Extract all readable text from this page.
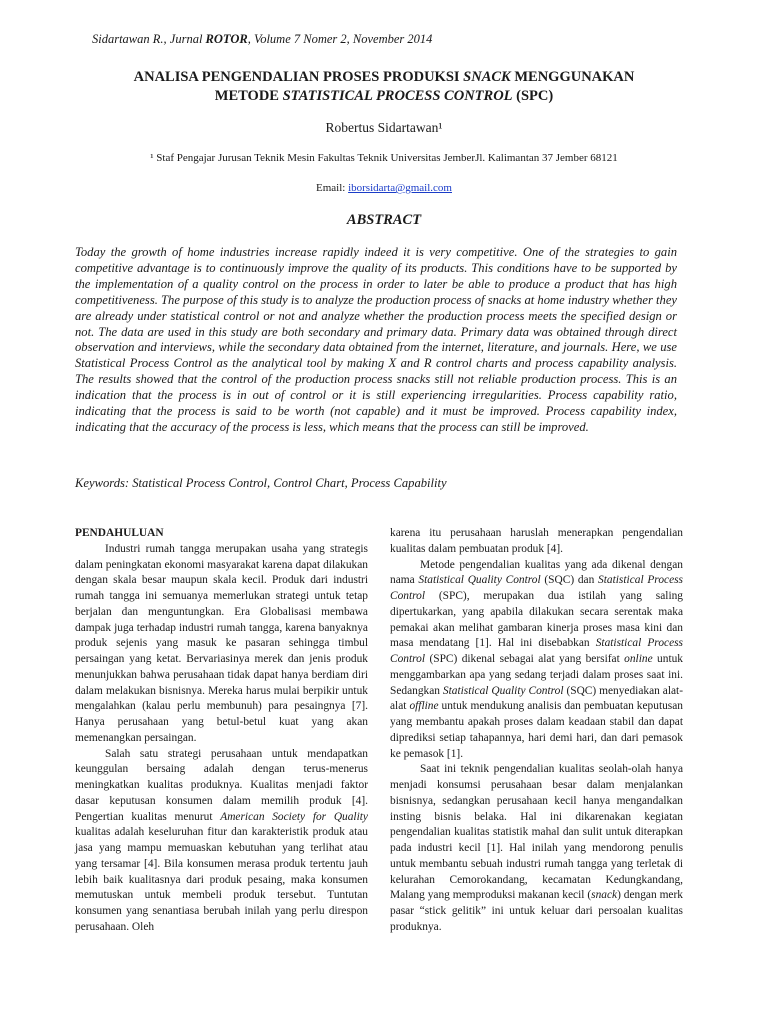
Sidartawan R., Jurnal ROTOR, Volume 7 Nomer 2, November 2014
ANALISA PENGENDALIAN PROSES PRODUKSI SNACK MENGGUNAKAN
METODE STATISTICAL PROCESS CONTROL (SPC)
Robertus Sidartawan¹
¹ Staf Pengajar Jurusan Teknik Mesin Fakultas Teknik Universitas JemberJl. Kalimantan 37 Jember 68121
Email: iborsidarta@gmail.com
ABSTRACT
Today the growth of home industries increase rapidly indeed it is very competitive. One of the strategies to gain competitive advantage is to continuously improve the quality of its products. This conditions have to be supported by the implementation of a quality control on the process in order to later be able to produce a product that has high competitiveness. The purpose of this study is to analyze the production process of snacks at home industry whether they are already under statistical control or not and analyze whether the production process meets the specified design or not. The data are used in this study are both secondary and primary data. Primary data was obtained through direct observation and interviews, while the secondary data obtained from the internet, literature, and journals. Here, we use Statistical Process Control as the analytical tool by making X and R control charts and process capability analysis. The results showed that the control of the production process snacks still not reliable production process. This is an indication that the process is in out of control or it is still experiencing irregularities. Process capability ratio, indicating that the process is said to be worth (not capable) and it must be improved. Process capability index, indicating that the accuracy of the process is less, which means that the process can still be improved.
Keywords: Statistical Process Control, Control Chart, Process Capability
PENDAHULUAN

Industri rumah tangga merupakan usaha yang strategis dalam peningkatan ekonomi masyarakat karena dapat dilakukan dengan skala besar maupun skala kecil. Produk dari industri rumah tangga ini semuanya memerlukan strategi untuk tetap berjalan dan menguntungkan. Era Globalisasi membawa dampak juga terhadap industri rumah tangga, karena banyaknya produk sejenis yang masuk ke pasaran sehingga timbul persaingan yang ketat. Bervariasinya merek dan jenis produk menunjukkan bahwa perusahaan tidak dapat hanya berdiam diri dalam melakukan bisnisnya. Mereka harus mulai berpikir untuk mengalahkan (kalau perlu membunuh) para pesaingnya [7]. Hanya perusahaan yang betul-betul kuat yang akan memenangkan persaingan.

Salah satu strategi perusahaan untuk mendapatkan keunggulan bersaing adalah dengan terus-menerus meningkatkan kualitas produknya. Kualitas menjadi faktor dasar keputusan konsumen dalam memilih produk [4]. Pengertian kualitas menurut American Society for Quality kualitas adalah keseluruhan fitur dan karakteristik produk atau jasa yang mampu memuaskan kebutuhan yang terlihat atau yang tersamar [4]. Bila konsumen merasa produk tertentu jauh lebih baik kualitasnya dari produk pesaing, maka konsumen memutuskan untuk membeli produk tersebut. Tuntutan konsumen yang senantiasa berubah inilah yang perlu direspon perusahaan. Oleh

karena itu perusahaan haruslah menerapkan pengendalian kualitas dalam pembuatan produk [4].

Metode pengendalian kualitas yang ada dikenal dengan nama Statistical Quality Control (SQC) dan Statistical Process Control (SPC), merupakan dua istilah yang saling dipertukarkan, yang apabila dilakukan secara serentak maka pemakai akan melihat gambaran kinerja proses masa kini dan masa mendatang [1]. Hal ini disebabkan Statistical Process Control (SPC) dikenal sebagai alat yang bersifat online untuk menggambarkan apa yang sedang terjadi dalam proses saat ini. Sedangkan Statistical Quality Control (SQC) menyediakan alat-alat offline untuk mendukung analisis dan pembuatan keputusan yang membantu apakah proses dalam keadaan stabil dan dapat diprediksi setiap tahapannya, hari demi hari, dan dari pemasok ke pemasok [1].

Saat ini teknik pengendalian kualitas seolah-olah hanya menjadi konsumsi perusahaan besar dalam menjalankan bisnisnya, sedangkan perusahaan kecil hanya mengandalkan insting bisnis belaka. Hal ini dikarenakan kegiatan pengendalian kualitas statistik mahal dan sulit untuk diterapkan pada industri kecil [1]. Hal inilah yang mendorong penulis untuk membantu sebuah industri rumah tangga yang terletak di kelurahan Cemorokandang, kecamatan Kedungkandang, Malang yang memproduksi makanan kecil (snack) dengan merk pasar “stick gelitik” ini untuk keluar dari persoalan kualitas produknya.
